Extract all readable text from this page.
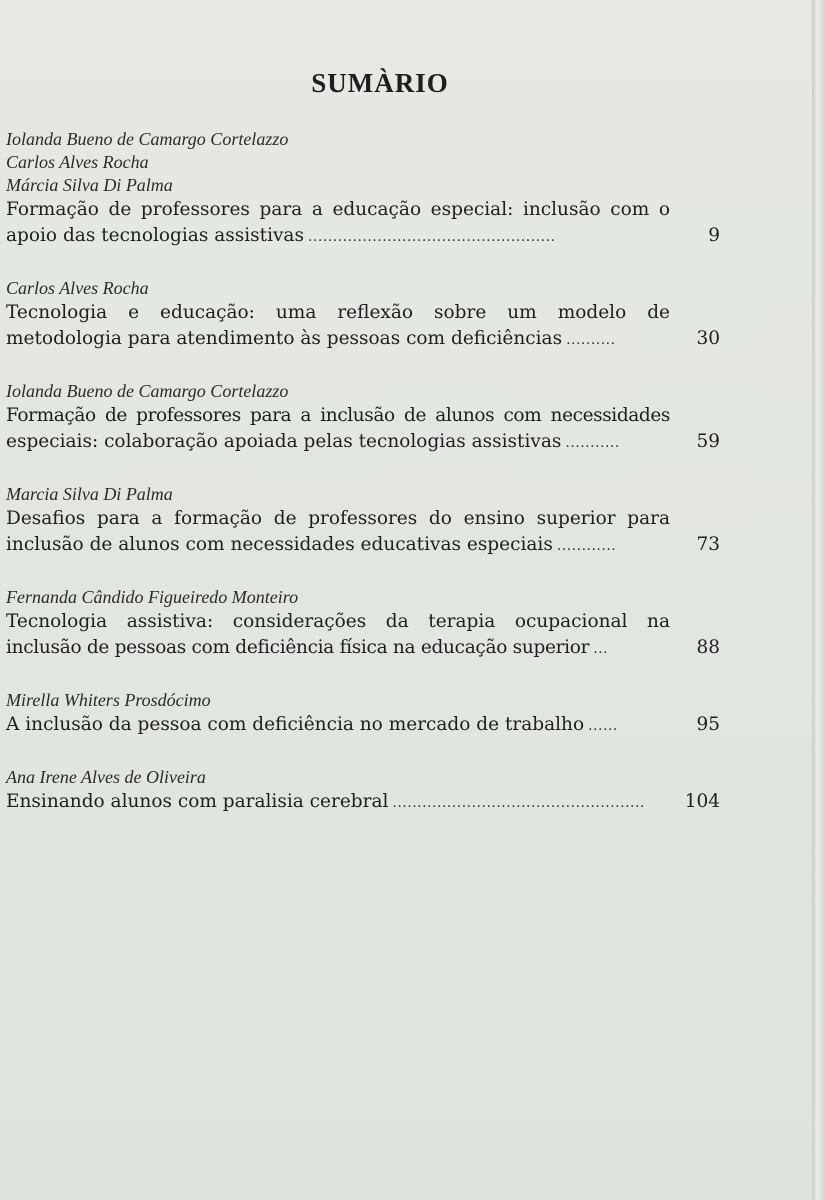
SUMÀRIO
Iolanda Bueno de Camargo Cortelazzo
Carlos Alves Rocha
Márcia Silva Di Palma
Formação de professores para a educação especial: inclusão com o
apoio das tecnologias assistivas ..................................................	9
Carlos Alves Rocha
Tecnologia e educação: uma reflexão sobre um modelo de
metodologia para atendimento às pessoas com deficiências ..........	30
Iolanda Bueno de Camargo Cortelazzo
Formação de professores para a inclusão de alunos com necessidades
especiais: colaboração apoiada pelas tecnologias assistivas ...........	59
Marcia Silva Di Palma
Desafios para a formação de professores do ensino superior para
inclusão de alunos com necessidades educativas especiais ............	73
Fernanda Cândido Figueiredo Monteiro
Tecnologia assistiva: considerações da terapia ocupacional na
inclusão de pessoas com deficiência física na educação superior ...	88
Mirella Whiters Prosdócimo
A inclusão da pessoa com deficiência no mercado de trabalho ......	95
Ana Irene Alves de Oliveira
Ensinando alunos com paralisia cerebral ................................................... 104
